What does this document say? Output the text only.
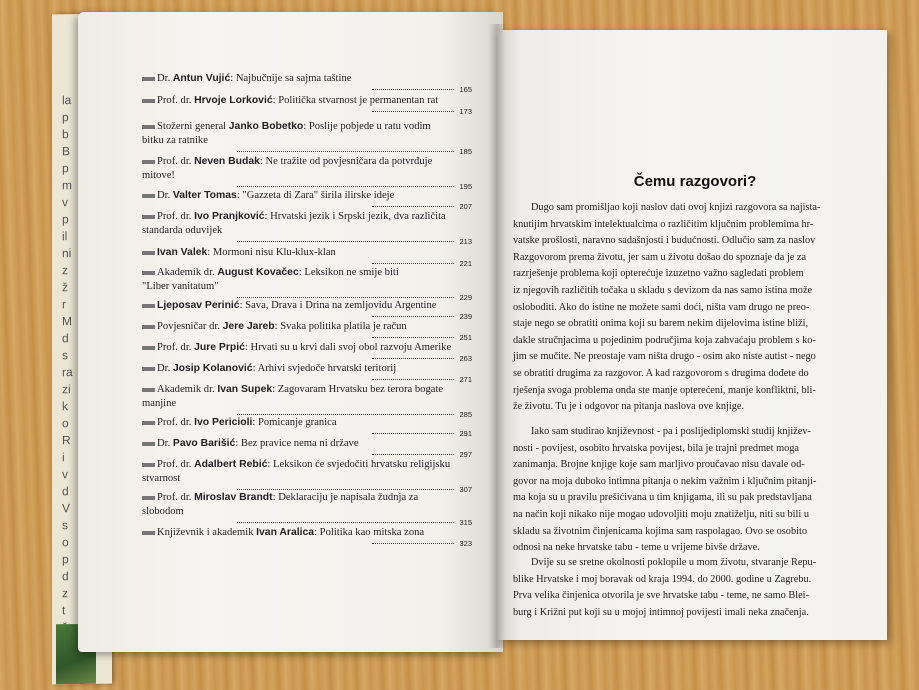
la
p
b
B
p
m
v
p
il
ni
z
ž
r
M
d
s
ra
zi
k
o
R
i
v
d
V
s
o
p
d
z
t
Dr. Antun Vujić: Najbučnije sa sajma taštine
165
Prof. dr. Hrvoje Lorković: Politička stvarnost je permanentan rat
173
Stožerni general Janko Bobetko: Poslije pobjede u ratu vodim
bitku za ratnike
185
Prof. dr. Neven Budak: Ne tražite od povjesničara da potvrđuje
mitove!
195
Dr. Valter Tomas: "Gazzeta di Zara" širila ilirske ideje
207
Prof. dr. Ivo Pranjković: Hrvatski jezik i Srpski jezik, dva različita
standarda oduvijek
213
Ivan Valek: Mormoni nisu Klu-klux-klan
221
Akademik dr. August Kovačec: Leksikon ne smije biti
"Liber vanitatum"
229
Ljeposav Perinić: Sava, Drava i Drina na zemljovidu Argentine
239
Povjesničar dr. Jere Jareb: Svaka politika platila je račun
251
Prof. dr. Jure Prpić: Hrvati su u krvi dali svoj obol razvoju Amerike
263
Dr. Josip Kolanović: Arhivi svjedoče hrvatski teritorij
271
Akademik dr. Ivan Supek: Zagovaram Hrvatsku bez terora bogate
manjine
285
Prof. dr. Ivo Pericioli: Pomicanje granica
291
Dr. Pavo Barišić: Bez pravice nema ni države
297
Prof. dr. Adalbert Rebić: Leksikon će svjedočiti hrvatsku religijsku
stvarnost
307
Prof. dr. Miroslav Brandt: Deklaraciju je napisala žudnja za
slobodom
315
Književnik i akademik Ivan Aralica: Politika kao mitska zona
323
Čemu razgovori?
Dugo sam promišljao koji naslov dati ovoj knjizi razgovora sa najista-
knutijim hrvatskim intelektualcima o različitim ključnim problemima hr-
vatske prošlosti, naravno sadašnjosti i budućnosti. Odlučio sam za naslov
Razgovorom prema životu, jer sam u životu došao do spoznaje da je za
razrješenje problema koji opterećuje izuzetno važno sagledati problem
iz njegovih različitih točaka u skladu s devizom da nas samo istina može
osloboditi. Ako do istine ne možete sami doći, ništa vam drugo ne preo-
staje nego se obratiti onima koji su barem nekim dijelovima istine bliži,
dakle stručnjacima u pojedinim područjima koja zahvaćaju problem s ko-
jim se mučite. Ne preostaje vam ništa drugo - osim ako niste autist - nego
se obratiti drugima za razgovor. A kad razgovorom s drugima dođete do
rješenja svoga problema onda ste manje opterećeni, manje konfliktni, bli-
že životu. Tu je i odgovor na pitanja naslova ove knjige.
Iako sam studirao književnost - pa i poslijediplomski studij književ-
nosti - povijest, osobito hrvatska povijest, bila je trajni predmet moga
zanimanja. Brojne knjige koje sam marljivo proučavao nisu davale od-
govor na moja duboko intimna pitanja o nekim važnim i ključnim pitanji-
ma koja su u pravilu prešićivana u tim knjigama, ili su pak predstavljana
na način koji nikako nije mogao udovoljiti moju znatiželju, niti su bili u
skladu sa životnim činjenicama kojima sam raspolagao. Ovo se osobito
odnosi na neke hrvatske tabu - teme u vrijeme bivše države.
Dvije su se sretne okolnosti poklopile u mom životu, stvaranje Repu-
blike Hrvatske i moj boravak od kraja 1994. do 2000. godine u Zagrebu.
Prva velika činjenica otvorila je sve hrvatske tabu - teme, ne samo Blei-
burg i Križni put koji su u mojoj intimnoj povijesti imali neka značenja.
